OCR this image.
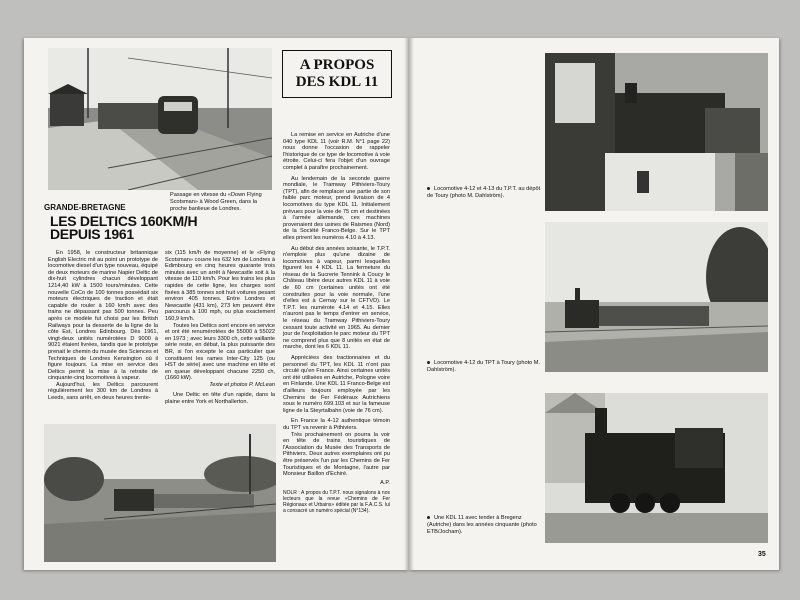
Passage en vitesse du «Down Flying Scotsman» à Wood Green, dans la proche banlieue de Londres.
GRANDE-BRETAGNE
LES DELTICS 160KM/H
DEPUIS 1961

En 1958, le constructeur britannique English Electric mit au point un prototype de locomotive diesel d'un type nouveau, équipé de deux moteurs de marine Napier Deltic de dix-huit cylindres chacun développant 1214,40 kW à 1500 tours/minutes. Cette nouvelle CoCo de 100 tonnes possédait six moteurs électriques de traction et était capable de rouler à 160 km/h avec des trains ne dépassant pas 500 tonnes. Peu après ce modèle fut choisi par les British Railways pour la desserte de la ligne de la côte Est, Londres Edinbourg. Dès 1961, vingt-deux unités numérotées D 9000 à 9021 étaient livrées, tandis que le prototype prenait le chemin du musée des Sciences et Techniques de Londres Kensington où il figure toujours. La mise en service des Deltics permit la mise à la retraite de cinquante-cinq locomotives à vapeur.

Aujourd'hui, les Deltics parcourent régulièrement les 300 km de Londres à Leeds, sans arrêt, en deux heures trente-

six (115 km/h de moyenne) et le «Flying Scotsman» couvre les 632 km de Londres à Edimbourg en cinq heures quarante trois minutes avec un arrêt à Newcastle soit à la vitesse de 110 km/h. Pour les trains les plus rapides de cette ligne, les charges sont fixées à 385 tonnes soit huit voitures pesant environ 405 tonnes. Entre Londres et Newcastle (431 km), 273 km peuvent être parcourus à 100 mph, ou plus exactement 160,9 km/h.

Toutes les Deltics sont encore en service et ont été renumérotées de 55000 à 55022 en 1973 ; avec leurs 3300 ch, cette vaillante série reste, en débat, la plus puissante des BR, si l'on excepte le cas particulier que constituent les rames Inter-City 125 (ou HST de série) avec une machine en tête et en queue développant chacune 2250 ch, (1660 kW).

Texte et photos P. McLean

Une Deltic en tête d'un rapide, dans la plaine entre York et Northallerton.

A PROPOS
DES KDL 11

La remise en service en Autriche d'une 040 type KDL 11 (voir R.M. N°1 page 22) nous donne l'occasion de rappeler l'historique de ce type de locomotive à voie étroite. Celui-ci fera l'objet d'un ouvrage complet à paraître prochainement.

Au lendemain de la seconde guerre mondiale, le Tramway Pithiviers-Toury (TPT), afin de remplacer une partie de son faible parc moteur, prend livraison de 4 locomotives du type KDL 11. Initialement prévues pour la voie de 75 cm et destinées à l'armée allemande, ces machines provenaient des usines de Raismes (Nord) de la Société Franco-Belge. Sur le TPT elles prirent les numéros 4.10 à 4.13.

Au début des années soixante, le T.P.T. n'emploie plus qu'une dizaine de locomotives à vapeur, parmi lesquelles figurent les 4 KDL 11. La fermeture du réseau de la Sucrerie Tennink à Coucy le Château libère deux autres KDL 11 à voie de 60 cm (certaines unités ont été construites pour la voie normale, l'une d'elles est à Cernay sur le CFTVD). Le T.P.T. les numérote 4.14 et 4.15. Elles n'auront pas le temps d'entrer en service, le réseau du Tramway Pithiviers-Toury cessant toute activité en 1965. Au dernier jour de l'exploitation le parc moteur du TPT ne comprend plus que 8 unités en état de marche, dont les 6 KDL 11.

Appréciées des tractionnaires et du personnel du TPT, les KDL 11 n'ont pas circulé qu'en France. Ainsi certaines unités ont été utilisées en Autriche, Pologne voire en Finlande. Une KDL 11 Franco-Belge est d'ailleurs toujours employée par les Chemins de Fer Fédéraux Autrichiens sous le numéro 699.103 et sur la fameuse ligne de la Steyrtalbahn (voie de 76 cm).

En France la 4-12 authentique témoin du TPT va revenir à Pithiviers.

Très prochainement on pourra la voir en tête de trains touristiques de l'Association du Musée des Transports de Pithiviers. Deux autres exemplaires ont pu être préservés l'un par les Chemins de Fer Touristiques et de Montagne, l'autre par Monsieur Baillon d'Echiré.

A.P.

NOLR : A propos du T.P.T. nous signalons à nos lecteurs que la revue «Chemins de Fer Régionaux et Urbains» éditée par la F.A.C.S. lui a consacré un numéro spécial (N°134).

Locomotive 4-12 et 4-13 du T.P.T. au dépôt de Toury (photo M. Dahlström).
Locomotive 4-12 du TPT à Toury (photo M. Dahlström).
Une KDL 11 avec tender à Bregenz (Autriche) dans les années cinquante (photo ETB/Jocham).
35
